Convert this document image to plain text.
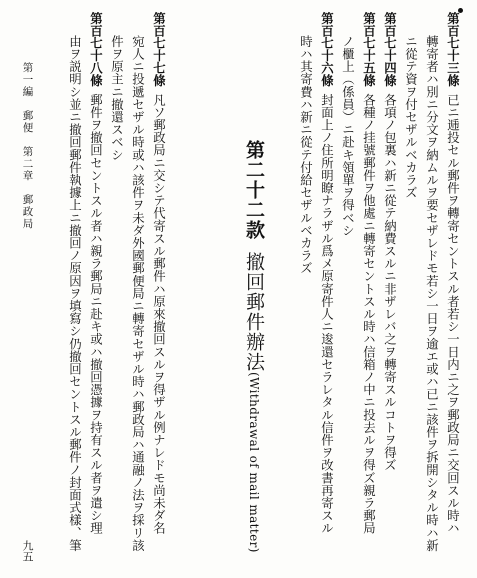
第百七十三條已ニ逓投セル郵件ヲ轉寄セントスル者若シ一日内ニ之ヲ郵政局ニ交回スル時ハ
轉寄者ハ別ニ分文ヲ納ムルヲ要セザレドモ若シ一日ヲ逾エ或ハ已ニ該件ヲ拆開シタル時ハ新
ニ從テ資ヲ付セザルベカラズ
第百七十四條各項ノ包裏ハ新ニ從テ納費スルニ非ザレバ之ヲ轉寄スルコトヲ得ズ
第百七十五條各種ノ挂號郵件ヲ他處ニ轉寄セントスル時ハ信箱ノ中ニ投去ルヲ得ズ親ラ郵局
ノ櫃上（係員）ニ赴キ領單ヲ得ベシ
第百七十六條封面上ノ住所明瞭ナラザル爲メ原寄件人ニ逡還セラレタル信件ヲ改書再寄スル
時ハ其寄費ハ新ニ從テ付給セザルベカラズ
第二十二款
撤回郵件辦法
(Withdrawal of mail matter)
第百七十七條凡ソ郵政局ニ交シテ代寄スル郵件ハ原來撤回スルヲ得ザル例ナレドモ尚未ダ名
宛人ニ投遞セザル時或ハ該件ヲ未ダ外國郵便局ニ轉寄セザル時ハ郵政局ハ通融ノ法ヲ採リ該
件ヲ原主ニ撤還スベシ
第百七十八條郵件ヲ撤回セントスル者ハ親ラ郵局ニ赴キ或ハ撤回憑據ヲ持有スル者ヲ遣シ理
由ヲ説明シ並ニ撤回郵件執據上ニ撤回ノ原因ヲ填寫シ仍撤回セントスル郵件ノ封面式樣、筆
第一編　郵便　第二章　郵政局
九五
